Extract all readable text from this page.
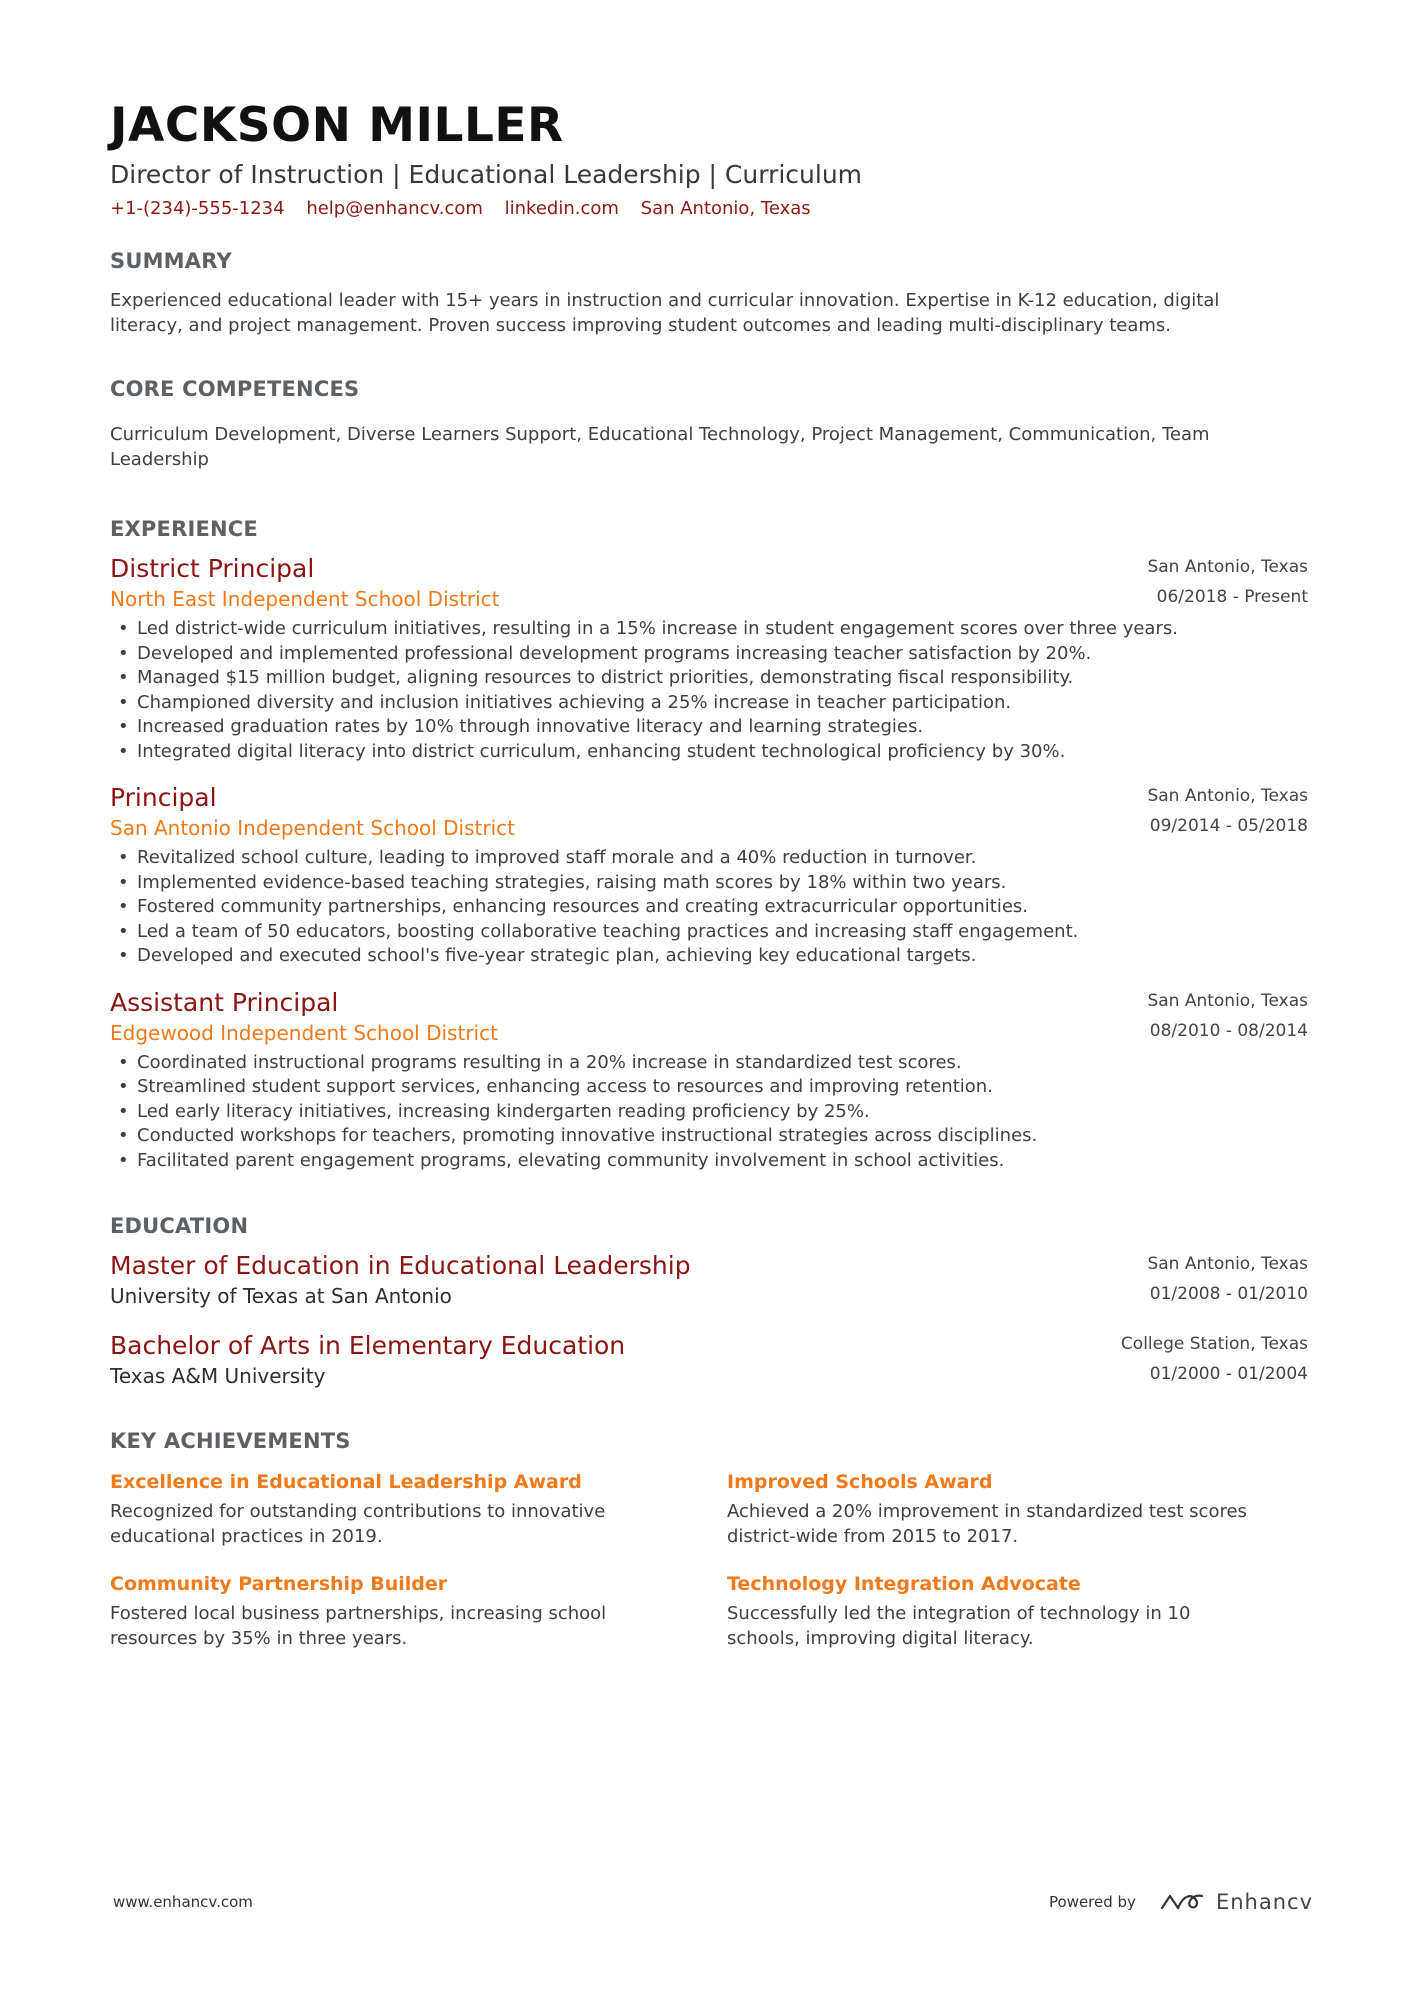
JACKSON MILLER
Director of Instruction | Educational Leadership | Curriculum
+1-(234)-555-1234 help@enhancv.com linkedin.com San Antonio, Texas
SUMMARY
Experienced educational leader with 15+ years in instruction and curricular innovation. Expertise in K-12 education, digital literacy, and project management. Proven success improving student outcomes and leading multi-disciplinary teams.
CORE COMPETENCES
Curriculum Development, Diverse Learners Support, Educational Technology, Project Management, Communication, Team Leadership
EXPERIENCE
District Principal
North East Independent School District
San Antonio, Texas
06/2018 - Present
• Led district-wide curriculum initiatives, resulting in a 15% increase in student engagement scores over three years.
• Developed and implemented professional development programs increasing teacher satisfaction by 20%.
• Managed $15 million budget, aligning resources to district priorities, demonstrating fiscal responsibility.
• Championed diversity and inclusion initiatives achieving a 25% increase in teacher participation.
• Increased graduation rates by 10% through innovative literacy and learning strategies.
• Integrated digital literacy into district curriculum, enhancing student technological proficiency by 30%.
Principal
San Antonio Independent School District
San Antonio, Texas
09/2014 - 05/2018
• Revitalized school culture, leading to improved staff morale and a 40% reduction in turnover.
• Implemented evidence-based teaching strategies, raising math scores by 18% within two years.
• Fostered community partnerships, enhancing resources and creating extracurricular opportunities.
• Led a team of 50 educators, boosting collaborative teaching practices and increasing staff engagement.
• Developed and executed school's five-year strategic plan, achieving key educational targets.
Assistant Principal
Edgewood Independent School District
San Antonio, Texas
08/2010 - 08/2014
• Coordinated instructional programs resulting in a 20% increase in standardized test scores.
• Streamlined student support services, enhancing access to resources and improving retention.
• Led early literacy initiatives, increasing kindergarten reading proficiency by 25%.
• Conducted workshops for teachers, promoting innovative instructional strategies across disciplines.
• Facilitated parent engagement programs, elevating community involvement in school activities.
EDUCATION
Master of Education in Educational Leadership
University of Texas at San Antonio
San Antonio, Texas
01/2008 - 01/2010
Bachelor of Arts in Elementary Education
Texas A&M University
College Station, Texas
01/2000 - 01/2004
KEY ACHIEVEMENTS
Excellence in Educational Leadership Award
Recognized for outstanding contributions to innovative educational practices in 2019.
Improved Schools Award
Achieved a 20% improvement in standardized test scores district-wide from 2015 to 2017.
Community Partnership Builder
Fostered local business partnerships, increasing school resources by 35% in three years.
Technology Integration Advocate
Successfully led the integration of technology in 10 schools, improving digital literacy.
www.enhancv.com	Powered by	Enhancv
